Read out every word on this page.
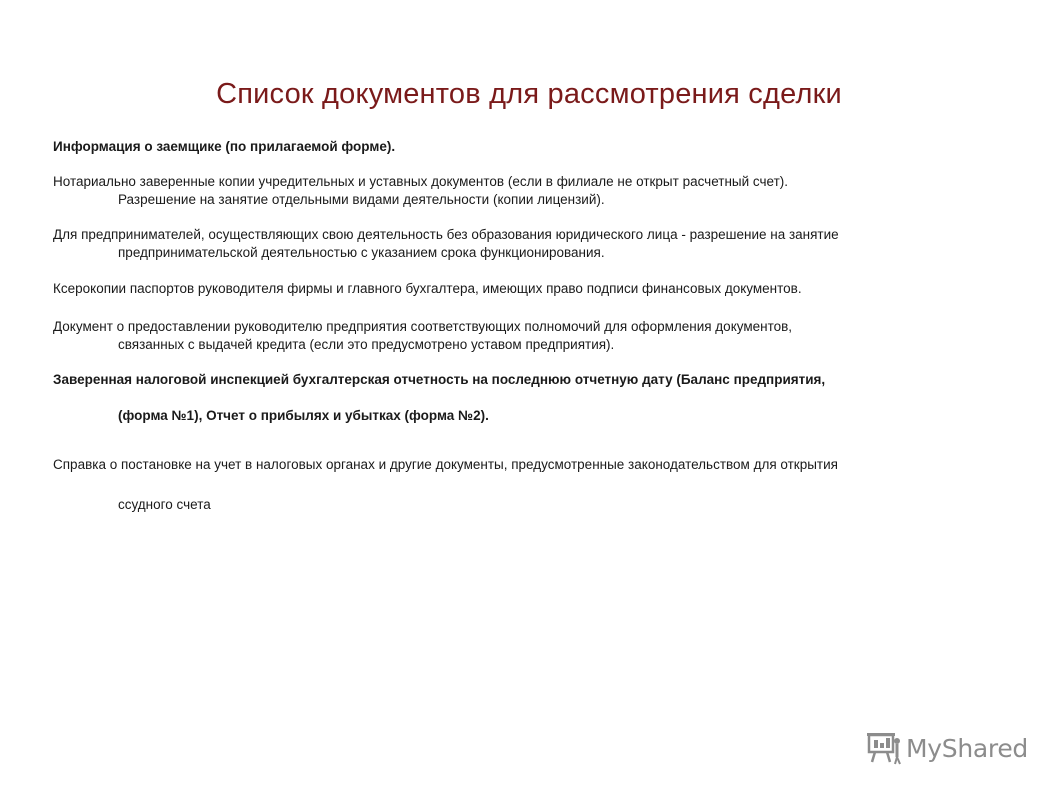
Список документов для рассмотрения сделки

Информация о заемщике (по прилагаемой форме).

Нотариально заверенные копии учредительных и уставных документов (если в филиале не открыт расчетный счет).
Разрешение на занятие отдельными видами деятельности (копии лицензий).

Для предпринимателей, осуществляющих свою деятельность без образования юридического лица - разрешение на занятие
предпринимательской деятельностью с указанием срока функционирования.

Ксерокопии паспортов руководителя фирмы и главного бухгалтера, имеющих право подписи финансовых документов.

Документ о предоставлении руководителю предприятия соответствующих полномочий для оформления документов,
связанных с выдачей кредита (если это предусмотрено уставом предприятия).

Заверенная налоговой инспекцией бухгалтерская отчетность на последнюю отчетную дату (Баланс предприятия,
(форма №1), Отчет о прибылях и убытках (форма №2).

Справка о постановке на учет в налоговых органах и другие документы, предусмотренные законодательством для открытия
ссудного счета

MyShared
